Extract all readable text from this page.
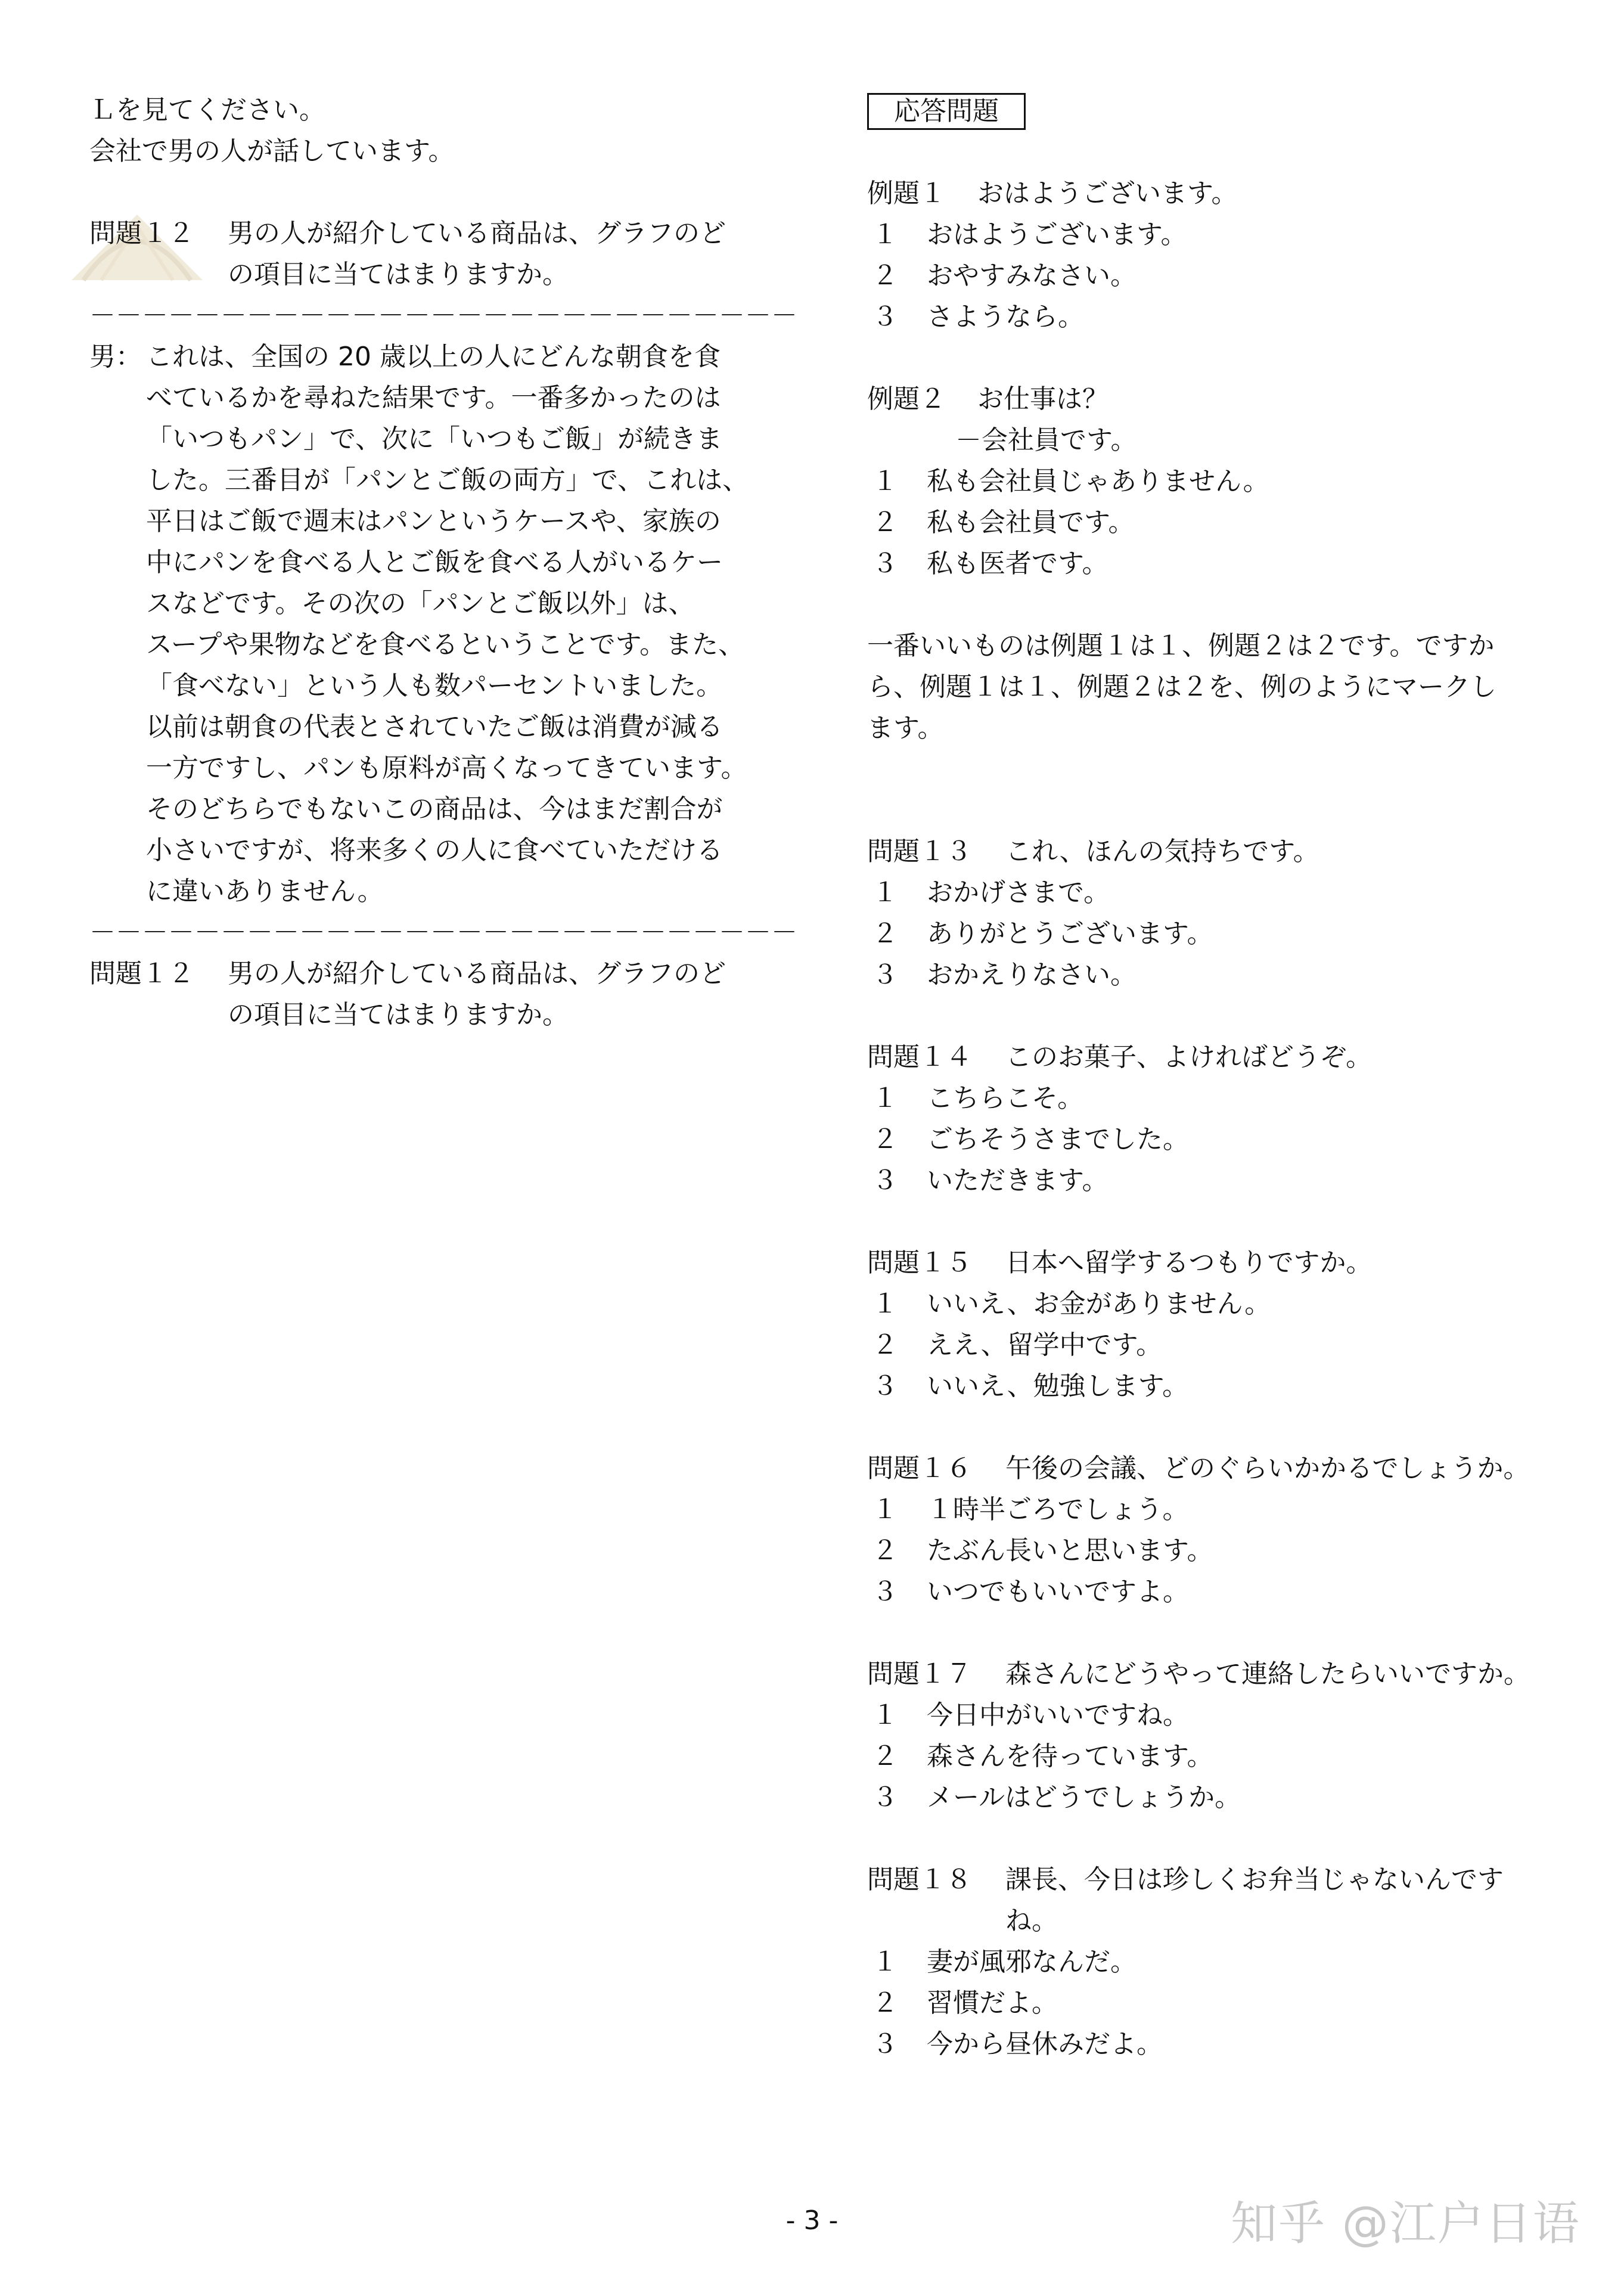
Ｌを見てください。
会社で男の人が話しています。
問題１２	男の人が紹介している商品は、グラフのど
の項目に当てはまりますか。
－－－－－－－－－－－－－－－－－－－－－－－－－－－
男： これは、全国の 20 歳以上の人にどんな朝食を食
べているかを尋ねた結果です。一番多かったのは
「いつもパン」で、次に「いつもご飯」が続きま
した。三番目が「パンとご飯の両方」で、これは、
平日はご飯で週末はパンというケースや、家族の
中にパンを食べる人とご飯を食べる人がいるケー
スなどです。その次の「パンとご飯以外」は、
スープや果物などを食べるということです。また、
「食べない」という人も数パーセントいました。
以前は朝食の代表とされていたご飯は消費が減る
一方ですし、パンも原料が高くなってきています。
そのどちらでもないこの商品は、今はまだ割合が
小さいですが、将来多くの人に食べていただける
に違いありません。
－－－－－－－－－－－－－－－－－－－－－－－－－－－
問題１２	男の人が紹介している商品は、グラフのど
の項目に当てはまりますか。
応答問題
例題１	おはようございます。
１	おはようございます。
２	おやすみなさい。
３	さようなら。
例題２	お仕事は？
－会社員です。
１	私も会社員じゃありません。
２	私も会社員です。
３	私も医者です。
一番いいものは例題１は１、例題２は２です。ですか
ら、例題１は１、例題２は２を、例のようにマークし
ます。
問題１３	これ、ほんの気持ちです。
１	おかげさまで。
２	ありがとうございます。
３	おかえりなさい。
問題１４	このお菓子、よければどうぞ。
１	こちらこそ。
２	ごちそうさまでした。
３	いただきます。
問題１５	日本へ留学するつもりですか。
１	いいえ、お金がありません。
２	ええ、留学中です。
３	いいえ、勉強します。
問題１６	午後の会議、どのぐらいかかるでしょうか。
１	１時半ごろでしょう。
２	たぶん長いと思います。
３	いつでもいいですよ。
問題１７	森さんにどうやって連絡したらいいですか。
１	今日中がいいですね。
２	森さんを待っています。
３	メールはどうでしょうか。
問題１８	課長、今日は珍しくお弁当じゃないんです
ね。
１	妻が風邪なんだ。
２	習慣だよ。
３	今から昼休みだよ。
- 3 -	知乎 @江户日语
